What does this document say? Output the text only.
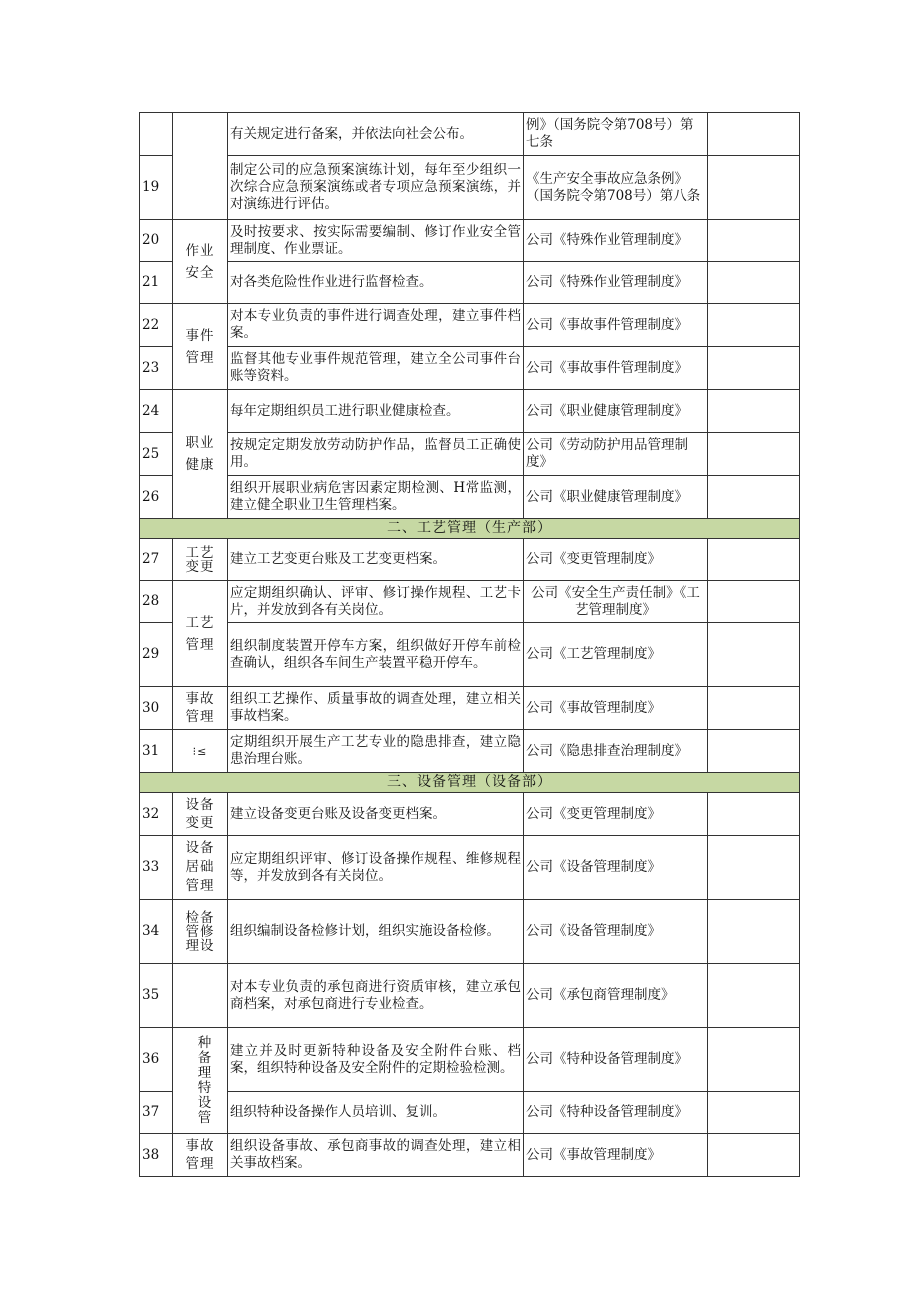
		有关规定进行备案，并依法向社会公布。	例》（国务院令第708号）第七条	
19		制定公司的应急预案演练计划，每年至少组织一次综合应急预案演练或者专项应急预案演练，并对演练进行评估。	《生产安全事故应急条例》（国务院令第708号）第八条	
20	作业安全	及时按要求、按实际需要编制、修订作业安全管理制度、作业票证。	公司《特殊作业管理制度》	
21		对各类危险性作业进行监督检查。	公司《特殊作业管理制度》	
22	事件管理	对本专业负责的事件进行调查处理，建立事件档案。	公司《事故事件管理制度》	
23		监督其他专业事件规范管理，建立全公司事件台账等资料。	公司《事故事件管理制度》	
24	职业健康	每年定期组织员工进行职业健康检查。	公司《职业健康管理制度》	
25		按规定定期发放劳动防护作品，监督员工正确使用。	公司《劳动防护用品管理制度》	
26		组织开展职业病危害因素定期检测、H常监测，建立健全职业卫生管理档案。	公司《职业健康管理制度》	
二、工艺管理（生产部）				
27	工艺变更	建立工艺变更台账及工艺变更档案。	公司《变更管理制度》	
28	工艺管理	应定期组织确认、评审、修订操作规程、工艺卡片，并发放到各有关岗位。	公司《安全生产责任制》《工艺管理制度》	
29		组织制度装置开停车方案，组织做好开停车前检查确认，组织各车间生产装置平稳开停车。	公司《工艺管理制度》	
30	事故管理	组织工艺操作、质量事故的调查处理，建立相关事故档案。	公司《事故管理制度》	
31	⁝≤	定期组织开展生产工艺专业的隐患排查，建立隐患治理台账。	公司《隐患排查治理制度》	
三、设备管理（设备部）				
32	设备变更	建立设备变更台账及设备变更档案。	公司《变更管理制度》	
33	设备居础管理	应定期组织评审、修订设备操作规程、维修规程等，并发放到各有关岗位。	公司《设备管理制度》	
34	检备管修理设	组织编制设备检修计划，组织实施设备检修。	公司《设备管理制度》	
35		对本专业负责的承包商进行资质审核，建立承包商档案，对承包商进行专业检查。	公司《承包商管理制度》	
36	种备理特设管	建立并及时更新特种设备及安全附件台账、档案，组织特种设备及安全附件的定期检验检测。	公司《特种设备管理制度》	
37		组织特种设备操作人员培训、复训。	公司《特种设备管理制度》	
38	事故管理	组织设备事故、承包商事故的调查处理，建立相关事故档案。	公司《事故管理制度》	
